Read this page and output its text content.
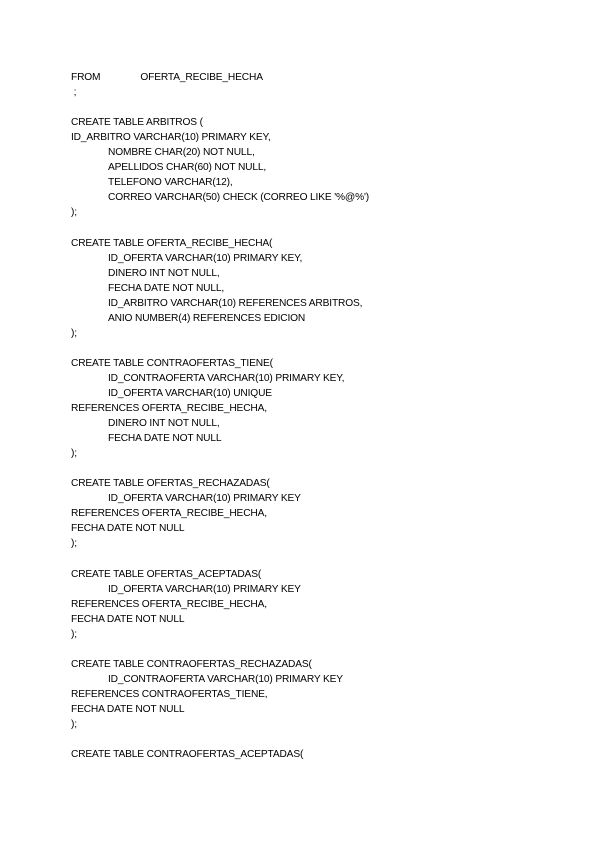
FROM	OFERTA_RECIBE_HECHA
;
CREATE TABLE ARBITROS (
ID_ARBITRO VARCHAR(10) PRIMARY KEY,
NOMBRE CHAR(20) NOT NULL,
APELLIDOS CHAR(60) NOT NULL,
TELEFONO VARCHAR(12),
CORREO VARCHAR(50) CHECK (CORREO LIKE '%@%')
);
CREATE TABLE OFERTA_RECIBE_HECHA(
ID_OFERTA VARCHAR(10) PRIMARY KEY,
DINERO INT NOT NULL,
FECHA DATE NOT NULL,
ID_ARBITRO VARCHAR(10) REFERENCES ARBITROS,
ANIO NUMBER(4) REFERENCES EDICION
);
CREATE TABLE CONTRAOFERTAS_TIENE(
ID_CONTRAOFERTA VARCHAR(10) PRIMARY KEY,
ID_OFERTA VARCHAR(10) UNIQUE
REFERENCES OFERTA_RECIBE_HECHA,
DINERO INT NOT NULL,
FECHA DATE NOT NULL
);
CREATE TABLE OFERTAS_RECHAZADAS(
ID_OFERTA VARCHAR(10) PRIMARY KEY
REFERENCES OFERTA_RECIBE_HECHA,
FECHA DATE NOT NULL
);
CREATE TABLE OFERTAS_ACEPTADAS(
ID_OFERTA VARCHAR(10) PRIMARY KEY
REFERENCES OFERTA_RECIBE_HECHA,
FECHA DATE NOT NULL
);
CREATE TABLE CONTRAOFERTAS_RECHAZADAS(
ID_CONTRAOFERTA VARCHAR(10) PRIMARY KEY
REFERENCES CONTRAOFERTAS_TIENE,
FECHA DATE NOT NULL
);
CREATE TABLE CONTRAOFERTAS_ACEPTADAS(
